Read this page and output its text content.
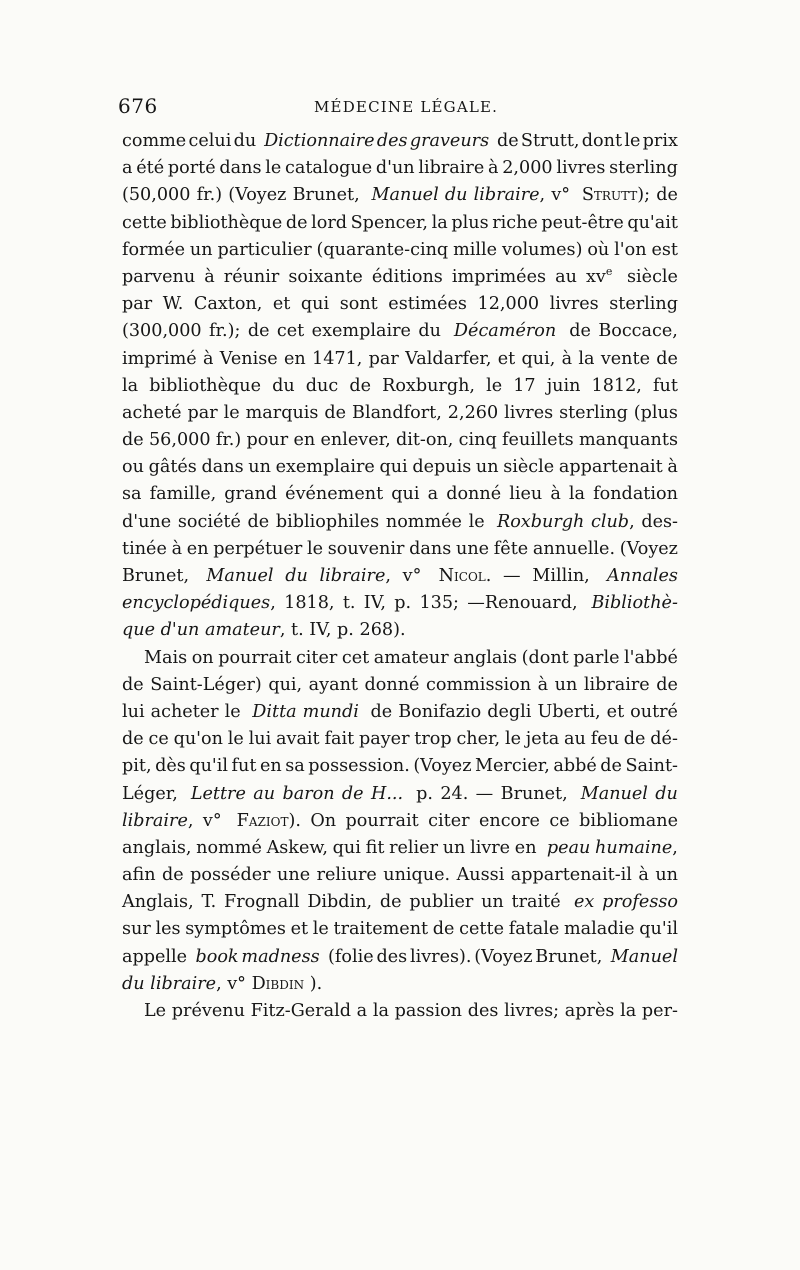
676	MÉDECINE LÉGALE.
comme celui du Dictionnaire des graveurs de Strutt, dont le prix
a été porté dans le catalogue d'un libraire à 2,000 livres sterling
(50,000 fr.) (Voyez Brunet, Manuel du libraire, v° Strutt); de
cette bibliothèque de lord Spencer, la plus riche peut-être qu'ait
formée un particulier (quarante-cinq mille volumes) où l'on est
parvenu à réunir soixante éditions imprimées au $xv^e$ siècle
par W. Caxton, et qui sont estimées 12,000 livres sterling
(300,000 fr.); de cet exemplaire du Décaméron de Boccace,
imprimé à Venise en 1471, par Valdarfer, et qui, à la vente de
la bibliothèque du duc de Roxburgh, le 17 juin 1812, fut
acheté par le marquis de Blandfort, 2,260 livres sterling (plus
de 56,000 fr.) pour en enlever, dit-on, cinq feuillets manquants
ou gâtés dans un exemplaire qui depuis un siècle appartenait à
sa famille, grand événement qui a donné lieu à la fondation
d'une société de bibliophiles nommée le Roxburgh club, des-
tinée à en perpétuer le souvenir dans une fête annuelle. (Voyez
Brunet, Manuel du libraire, v° Nicol. — Millin, Annales
encyclopédiques, 1818, t. IV, p. 135; —Renouard, Bibliothè-
que d'un amateur, t. IV, p. 268).
Mais on pourrait citer cet amateur anglais (dont parle l'abbé
de Saint-Léger) qui, ayant donné commission à un libraire de
lui acheter le Ditta mundi de Bonifazio degli Uberti, et outré
de ce qu'on le lui avait fait payer trop cher, le jeta au feu de dé-
pit, dès qu'il fut en sa possession. (Voyez Mercier, abbé de Saint-
Léger, Lettre au baron de H... p. 24. — Brunet, Manuel du
libraire, v° Faziot). On pourrait citer encore ce bibliomane
anglais, nommé Askew, qui fit relier un livre en peau humaine,
afin de posséder une reliure unique. Aussi appartenait-il à un
Anglais, T. Frognall Dibdin, de publier un traité ex professo
sur les symptômes et le traitement de cette fatale maladie qu'il
appelle book madness (folie des livres). (Voyez Brunet, Manuel
du libraire, v° Dibdin ).
Le prévenu Fitz-Gerald a la passion des livres; après la per-
